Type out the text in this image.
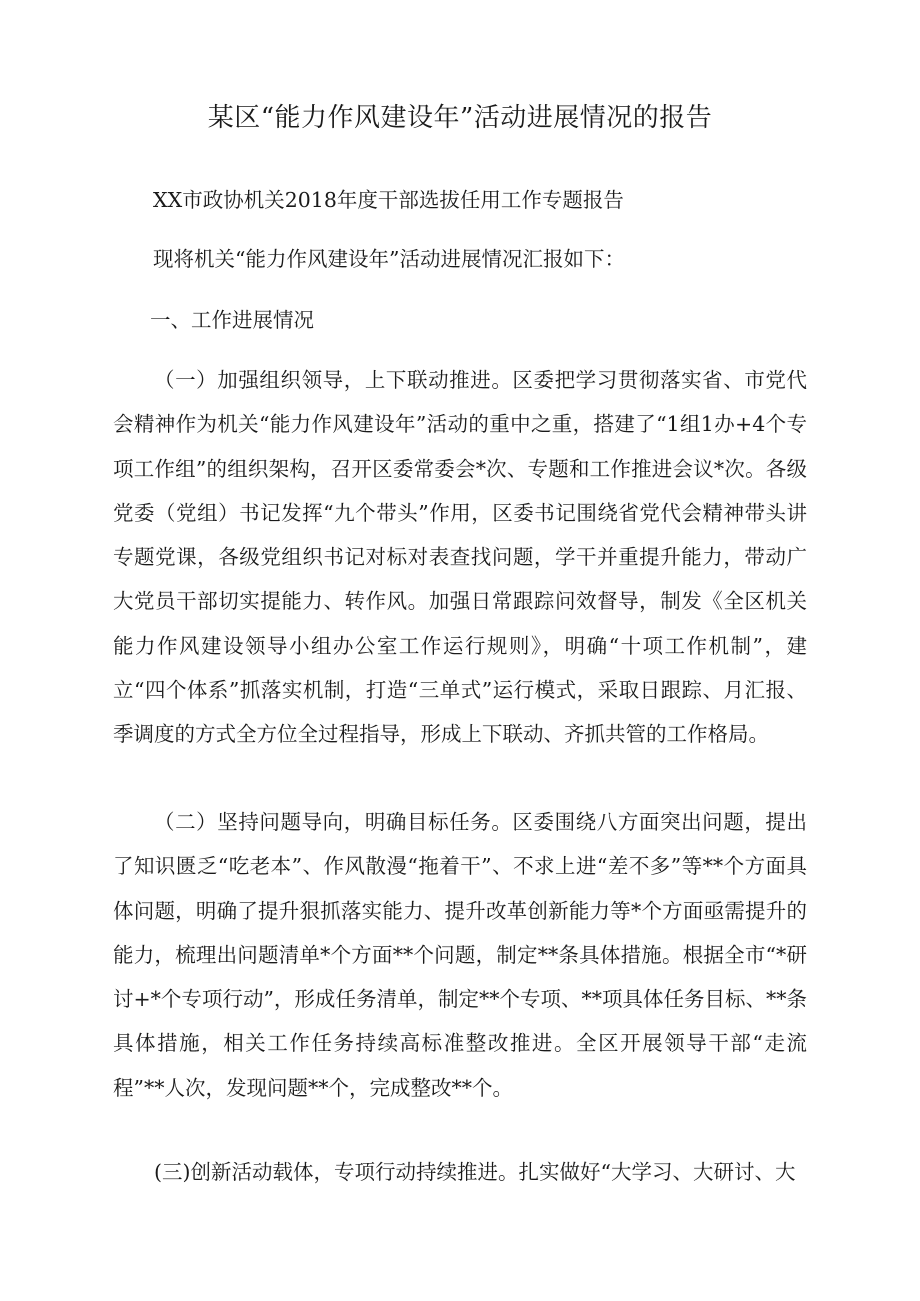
某区“能力作风建设年”活动进展情况的报告
XX市政协机关2018年度干部选拔任用工作专题报告
现将机关“能力作风建设年”活动进展情况汇报如下：
一、工作进展情况

（一）加强组织领导，上下联动推进。区委把学习贯彻落实省、市党代会精神作为机关“能力作风建设年”活动的重中之重，搭建了“1组1办+4个专项工作组”的组织架构，召开区委常委会*次、专题和工作推进会议*次。各级党委（党组）书记发挥“九个带头”作用，区委书记围绕省党代会精神带头讲专题党课，各级党组织书记对标对表查找问题，学干并重提升能力，带动广大党员干部切实提能力、转作风。加强日常跟踪问效督导，制发《全区机关能力作风建设领导小组办公室工作运行规则》，明确“十项工作机制”，建立“四个体系”抓落实机制，打造“三单式”运行模式，采取日跟踪、月汇报、季调度的方式全方位全过程指导，形成上下联动、齐抓共管的工作格局。

（二）坚持问题导向，明确目标任务。区委围绕八方面突出问题，提出了知识匮乏“吃老本”、作风散漫“拖着干”、不求上进“差不多”等**个方面具体问题，明确了提升狠抓落实能力、提升改革创新能力等*个方面亟需提升的能力，梳理出问题清单*个方面**个问题，制定**条具体措施。根据全市“*研讨+*个专项行动”，形成任务清单，制定**个专项、**项具体任务目标、**条具体措施，相关工作任务持续高标准整改推进。全区开展领导干部“走流程”**人次，发现问题**个，完成整改**个。

(三)创新活动载体，专项行动持续推进。扎实做好“大学习、大研讨、大
